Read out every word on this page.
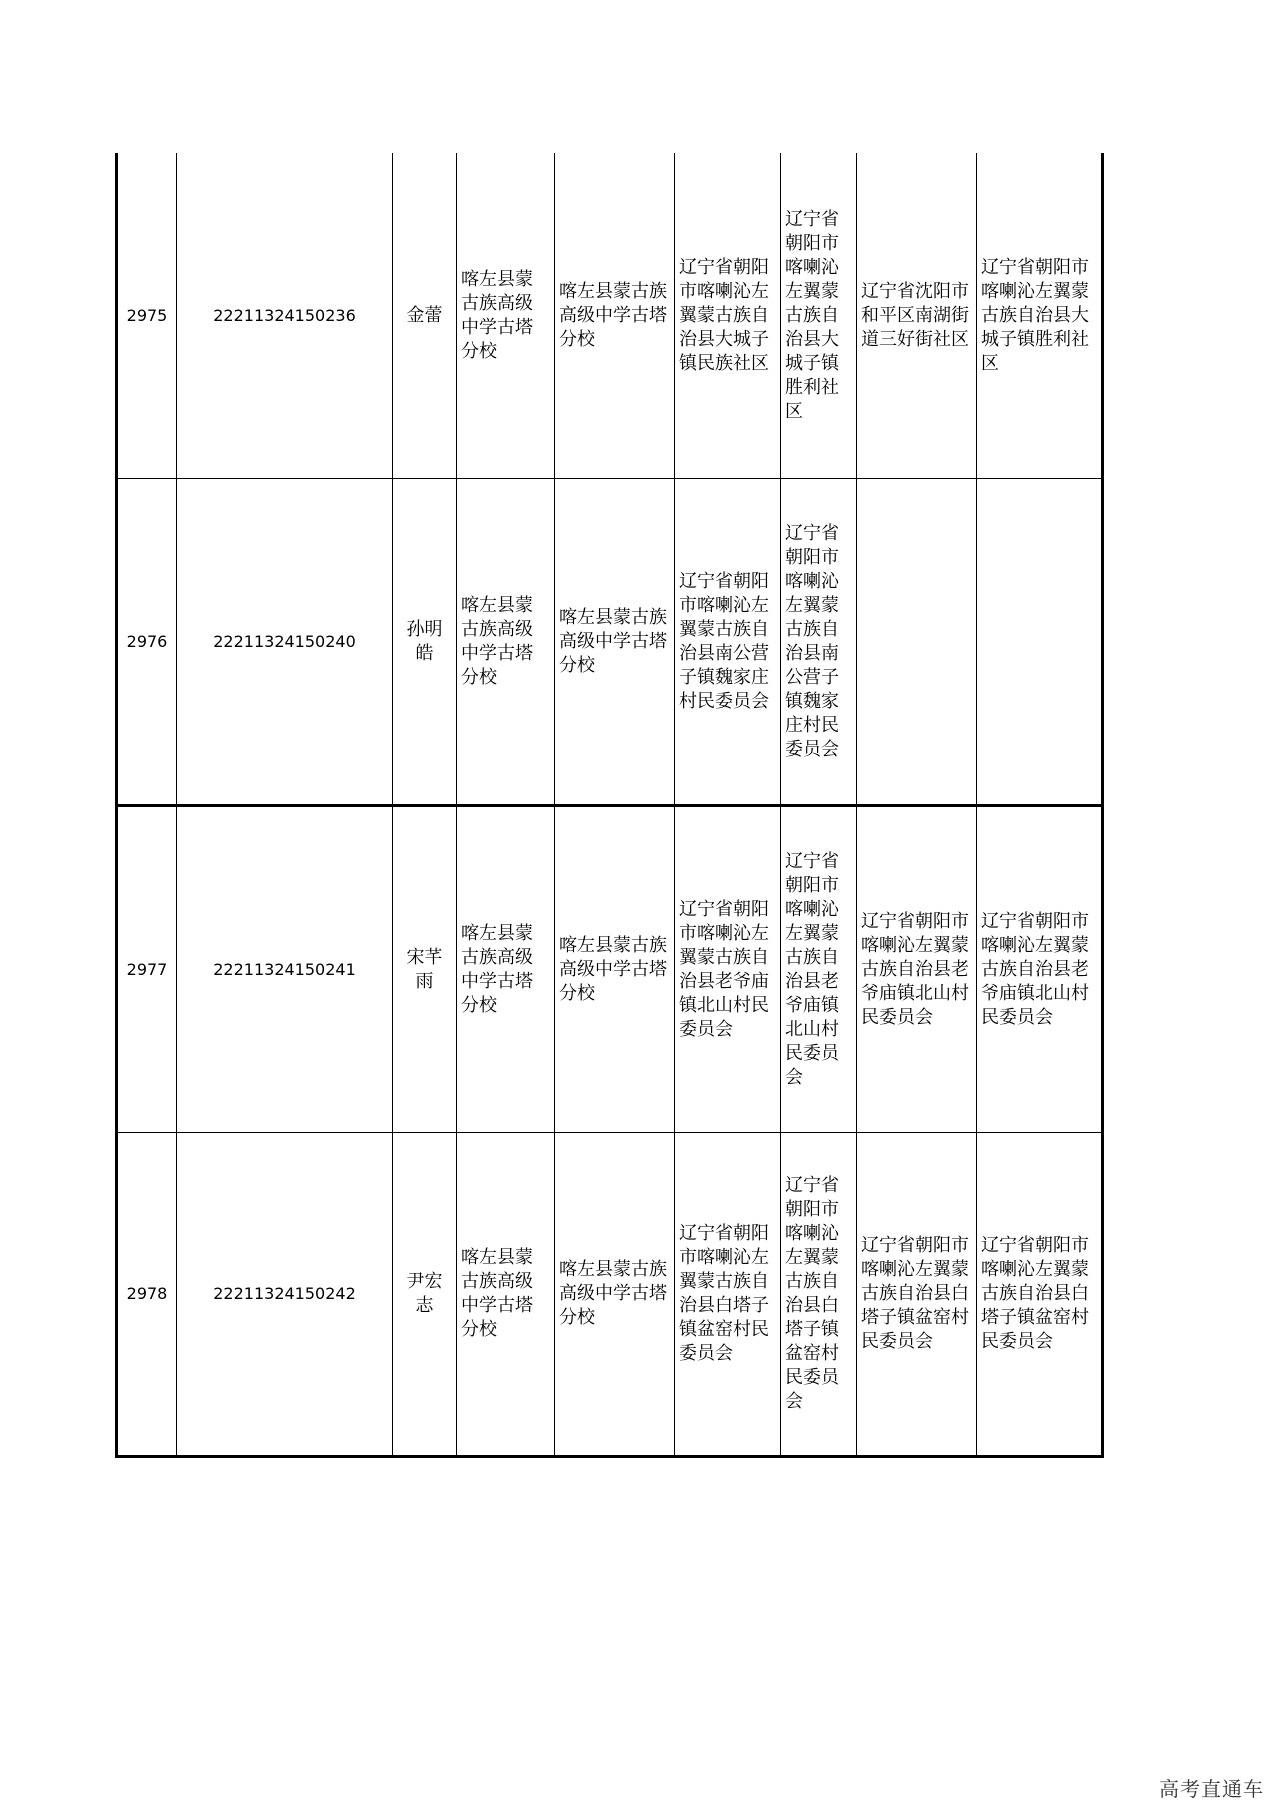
2975	22211324150236	金蕾	喀左县蒙古族高级中学古塔分校	喀左县蒙古族高级中学古塔分校	辽宁省朝阳市喀喇沁左翼蒙古族自治县大城子镇民族社区	辽宁省朝阳市喀喇沁左翼蒙古族自治县大城子镇胜利社区	辽宁省沈阳市和平区南湖街道三好街社区	辽宁省朝阳市喀喇沁左翼蒙古族自治县大城子镇胜利社区
2976	22211324150240	孙明皓	喀左县蒙古族高级中学古塔分校	喀左县蒙古族高级中学古塔分校	辽宁省朝阳市喀喇沁左翼蒙古族自治县南公营子镇魏家庄村民委员会	辽宁省朝阳市喀喇沁左翼蒙古族自治县南公营子镇魏家庄村民委员会		
2977	22211324150241	宋芊雨	喀左县蒙古族高级中学古塔分校	喀左县蒙古族高级中学古塔分校	辽宁省朝阳市喀喇沁左翼蒙古族自治县老爷庙镇北山村民委员会	辽宁省朝阳市喀喇沁左翼蒙古族自治县老爷庙镇北山村民委员会	辽宁省朝阳市喀喇沁左翼蒙古族自治县老爷庙镇北山村民委员会	辽宁省朝阳市喀喇沁左翼蒙古族自治县老爷庙镇北山村民委员会
2978	22211324150242	尹宏志	喀左县蒙古族高级中学古塔分校	喀左县蒙古族高级中学古塔分校	辽宁省朝阳市喀喇沁左翼蒙古族自治县白塔子镇盆窑村民委员会	辽宁省朝阳市喀喇沁左翼蒙古族自治县白塔子镇盆窑村民委员会	辽宁省朝阳市喀喇沁左翼蒙古族自治县白塔子镇盆窑村民委员会	辽宁省朝阳市喀喇沁左翼蒙古族自治县白塔子镇盆窑村民委员会
高考直通车
